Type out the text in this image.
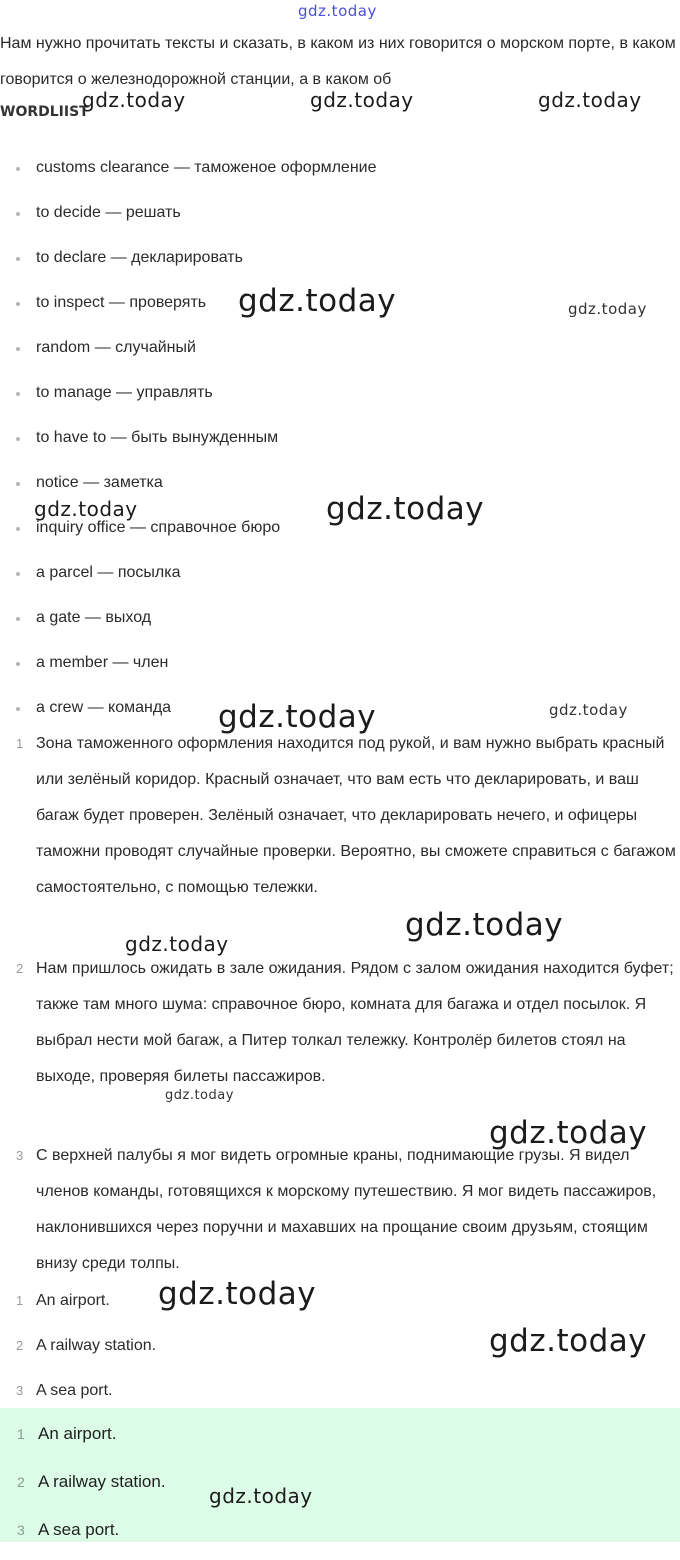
Нам нужно прочитать тексты и сказать, в каком из них говорится о морском порте, в каком говорится о железнодорожной станции, а в каком об

WORDLIIST
customs clearance — таможеное оформление
to decide — решать
to declare — декларировать
to inspect — проверять
random — случайный
to manage — управлять
to have to — быть вынужденным
notice — заметка
inquiry office — справочное бюро
a parcel — посылка
a gate — выход
a member — член
a crew — команда
1 Зона таможенного оформления находится под рукой, и вам нужно выбрать красный или зелёный коридор. Красный означает, что вам есть что декларировать, и ваш багаж будет проверен. Зелёный означает, что декларировать нечего, и офицеры таможни проводят случайные проверки. Вероятно, вы сможете справиться с багажом самостоятельно, с помощью тележки.
2 Нам пришлось ожидать в зале ожидания. Рядом с залом ожидания находится буфет; также там много шума: справочное бюро, комната для багажа и отдел посылок. Я выбрал нести мой багаж, а Питер толкал тележку. Контролёр билетов стоял на выходе, проверяя билеты пассажиров.
3 С верхней палубы я мог видеть огромные краны, поднимающие грузы. Я видел членов команды, готовящихся к морскому путешествию. Я мог видеть пассажиров, наклонившихся через поручни и махавших на прощание своим друзьям, стоящим внизу среди толпы.
1 An airport.
2 A railway station.
3 A sea port.
1 An airport.
2 A railway station.
3 A sea port.
gdz.today
gdz.today	gdz.today	gdz.today
gdz.today	gdz.today
gdz.today	gdz.today
gdz.today	gdz.today
gdz.today
gdz.today
gdz.today
gdz.today
gdz.today
gdz.today
gdz.today
